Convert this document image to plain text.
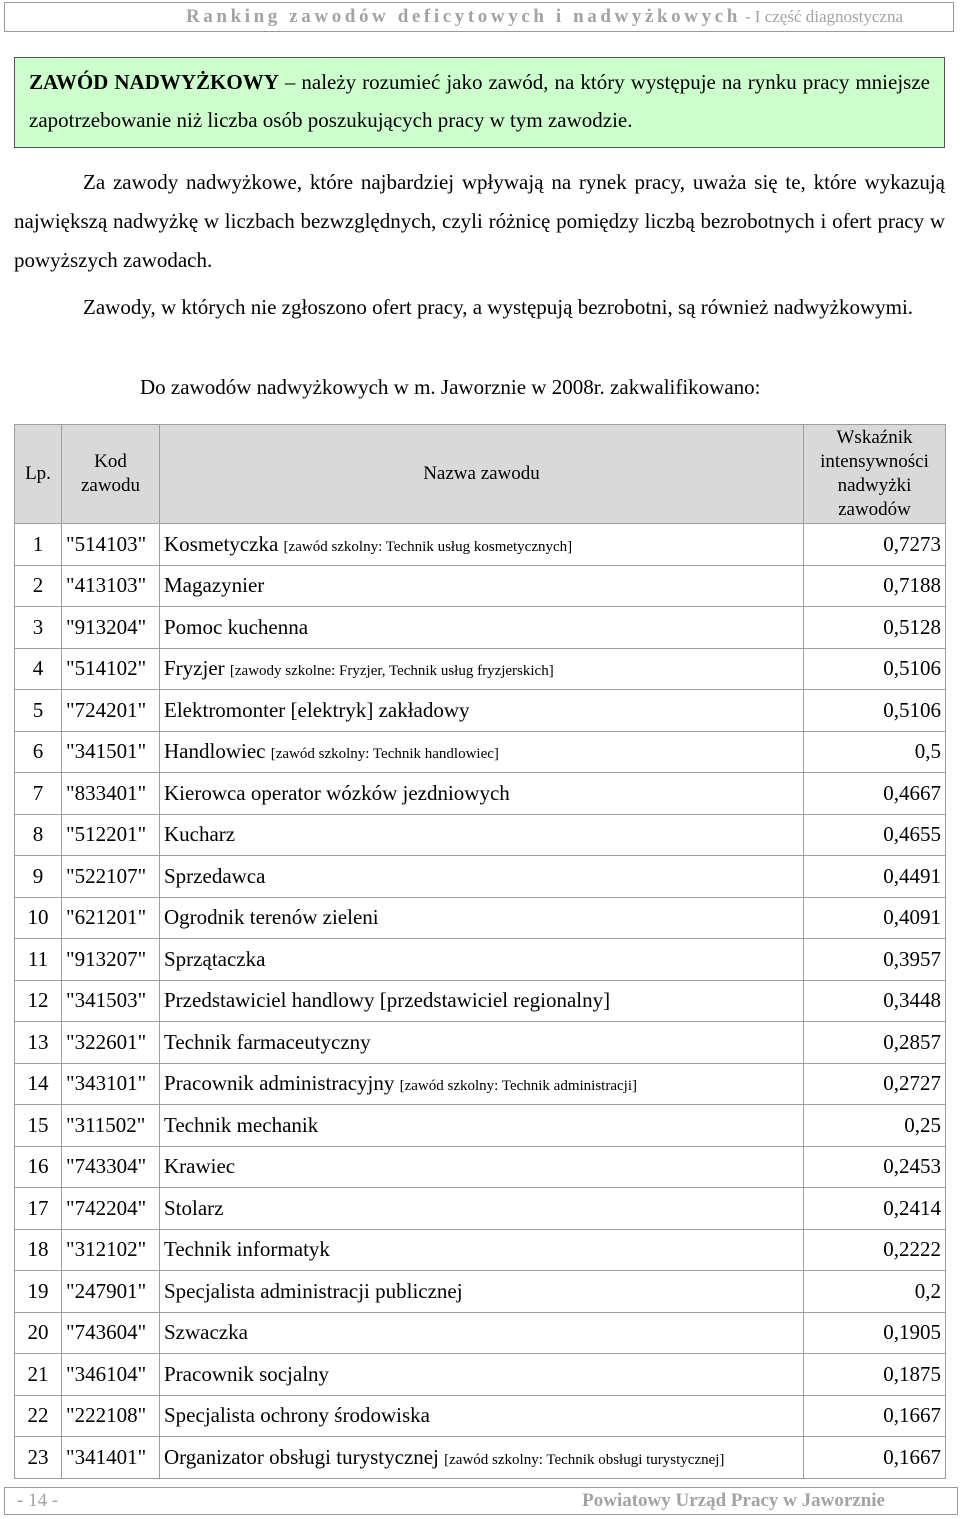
Ranking zawodów deficytowych i nadwyżkowych - I część diagnostyczna
ZAWÓD NADWYŻKOWY – należy rozumieć jako zawód, na który występuje na rynku pracy mniejsze zapotrzebowanie niż liczba osób poszukujących pracy w tym zawodzie.

Za zawody nadwyżkowe, które najbardziej wpływają na rynek pracy, uważa się te, które wykazują największą nadwyżkę w liczbach bezwzględnych, czyli różnicę pomiędzy liczbą bezrobotnych i ofert pracy w powyższych zawodach.

Zawody, w których nie zgłoszono ofert pracy, a występują bezrobotni, są również nadwyżkowymi.

Do zawodów nadwyżkowych w m. Jaworznie w 2008r. zakwalifikowano:

Lp.	Kod zawodu	Nazwa zawodu	Wskaźnik intensywności nadwyżki zawodów
1	"514103"	Kosmetyczka [zawód szkolny: Technik usług kosmetycznych]	0,7273
2	"413103"	Magazynier	0,7188
3	"913204"	Pomoc kuchenna	0,5128
4	"514102"	Fryzjer [zawody szkolne: Fryzjer, Technik usług fryzjerskich]	0,5106
5	"724201"	Elektromonter [elektryk] zakładowy	0,5106
6	"341501"	Handlowiec [zawód szkolny: Technik handlowiec]	0,5
7	"833401"	Kierowca operator wózków jezdniowych	0,4667
8	"512201"	Kucharz	0,4655
9	"522107"	Sprzedawca	0,4491
10	"621201"	Ogrodnik terenów zieleni	0,4091
11	"913207"	Sprzątaczka	0,3957
12	"341503"	Przedstawiciel handlowy [przedstawiciel regionalny]	0,3448
13	"322601"	Technik farmaceutyczny	0,2857
14	"343101"	Pracownik administracyjny [zawód szkolny: Technik administracji]	0,2727
15	"311502"	Technik mechanik	0,25
16	"743304"	Krawiec	0,2453
17	"742204"	Stolarz	0,2414
18	"312102"	Technik informatyk	0,2222
19	"247901"	Specjalista administracji publicznej	0,2
20	"743604"	Szwaczka	0,1905
21	"346104"	Pracownik socjalny	0,1875
22	"222108"	Specjalista ochrony środowiska	0,1667
23	"341401"	Organizator obsługi turystycznej [zawód szkolny: Technik obsługi turystycznej]	0,1667
- 14 -	Powiatowy Urząd Pracy w Jaworznie
